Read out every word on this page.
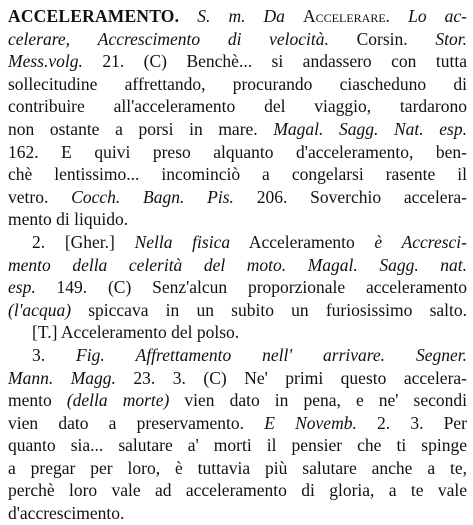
ACCELERAMENTO. S. m. Da Accelerare. Lo ac-
celerare, Accrescimento di velocità. Corsin. Stor.
Mess.volg. 21. (C) Benchè... si andassero con tutta
sollecitudine affrettando, procurando ciascheduno di
contribuire all'acceleramento del viaggio, tardarono
non ostante a porsi in mare. Magal. Sagg. Nat. esp.
162. E quivi preso alquanto d'acceleramento, ben-
chè lentissimo... incominciò a congelarsi rasente il
vetro. Cocch. Bagn. Pis. 206. Soverchio accelera-
mento di liquido.
2. [Gher.] Nella fisica Acceleramento è Accresci-
mento della celerità del moto. Magal. Sagg. nat.
esp. 149. (C) Senz'alcun proporzionale acceleramento
(l'acqua) spiccava in un subito un furiosissimo salto.
[T.] Acceleramento del polso.
3. Fig. Affrettamento nell' arrivare. Segner.
Mann. Magg. 23. 3. (C) Ne' primi questo accelera-
mento (della morte) vien dato in pena, e ne' secondi
vien dato a preservamento. E Novemb. 2. 3. Per
quanto sia... salutare a' morti il pensier che ti spinge
a pregar per loro, è tuttavia più salutare anche a te,
perchè loro vale ad acceleramento di gloria, a te vale
d'accrescimento.
